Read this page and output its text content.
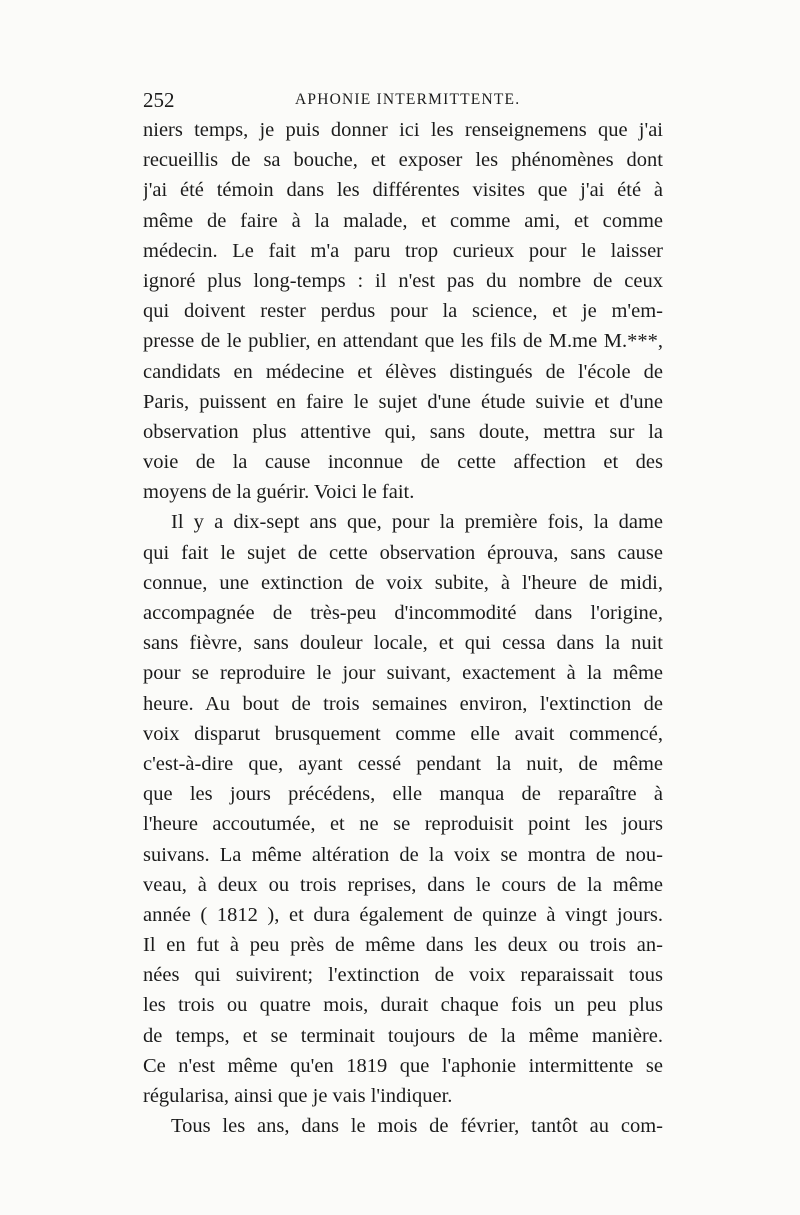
252	APHONIE INTERMITTENTE.
niers temps, je puis donner ici les renseignemens que j'ai
recueillis de sa bouche, et exposer les phénomènes dont
j'ai été témoin dans les différentes visites que j'ai été à
même de faire à la malade, et comme ami, et comme
médecin. Le fait m'a paru trop curieux pour le laisser
ignoré plus long-temps : il n'est pas du nombre de ceux
qui doivent rester perdus pour la science, et je m'em-
presse de le publier, en attendant que les fils de M.me M.***,
candidats en médecine et élèves distingués de l'école de
Paris, puissent en faire le sujet d'une étude suivie et d'une
observation plus attentive qui, sans doute, mettra sur la
voie de la cause inconnue de cette affection et des
moyens de la guérir. Voici le fait.
Il y a dix-sept ans que, pour la première fois, la dame
qui fait le sujet de cette observation éprouva, sans cause
connue, une extinction de voix subite, à l'heure de midi,
accompagnée de très-peu d'incommodité dans l'origine,
sans fièvre, sans douleur locale, et qui cessa dans la nuit
pour se reproduire le jour suivant, exactement à la même
heure. Au bout de trois semaines environ, l'extinction de
voix disparut brusquement comme elle avait commencé,
c'est-à-dire que, ayant cessé pendant la nuit, de même
que les jours précédens, elle manqua de reparaître à
l'heure accoutumée, et ne se reproduisit point les jours
suivans. La même altération de la voix se montra de nou-
veau, à deux ou trois reprises, dans le cours de la même
année ( 1812 ), et dura également de quinze à vingt jours.
Il en fut à peu près de même dans les deux ou trois an-
nées qui suivirent; l'extinction de voix reparaissait tous
les trois ou quatre mois, durait chaque fois un peu plus
de temps, et se terminait toujours de la même manière.
Ce n'est même qu'en 1819 que l'aphonie intermittente se
régularisa, ainsi que je vais l'indiquer.
Tous les ans, dans le mois de février, tantôt au com-
